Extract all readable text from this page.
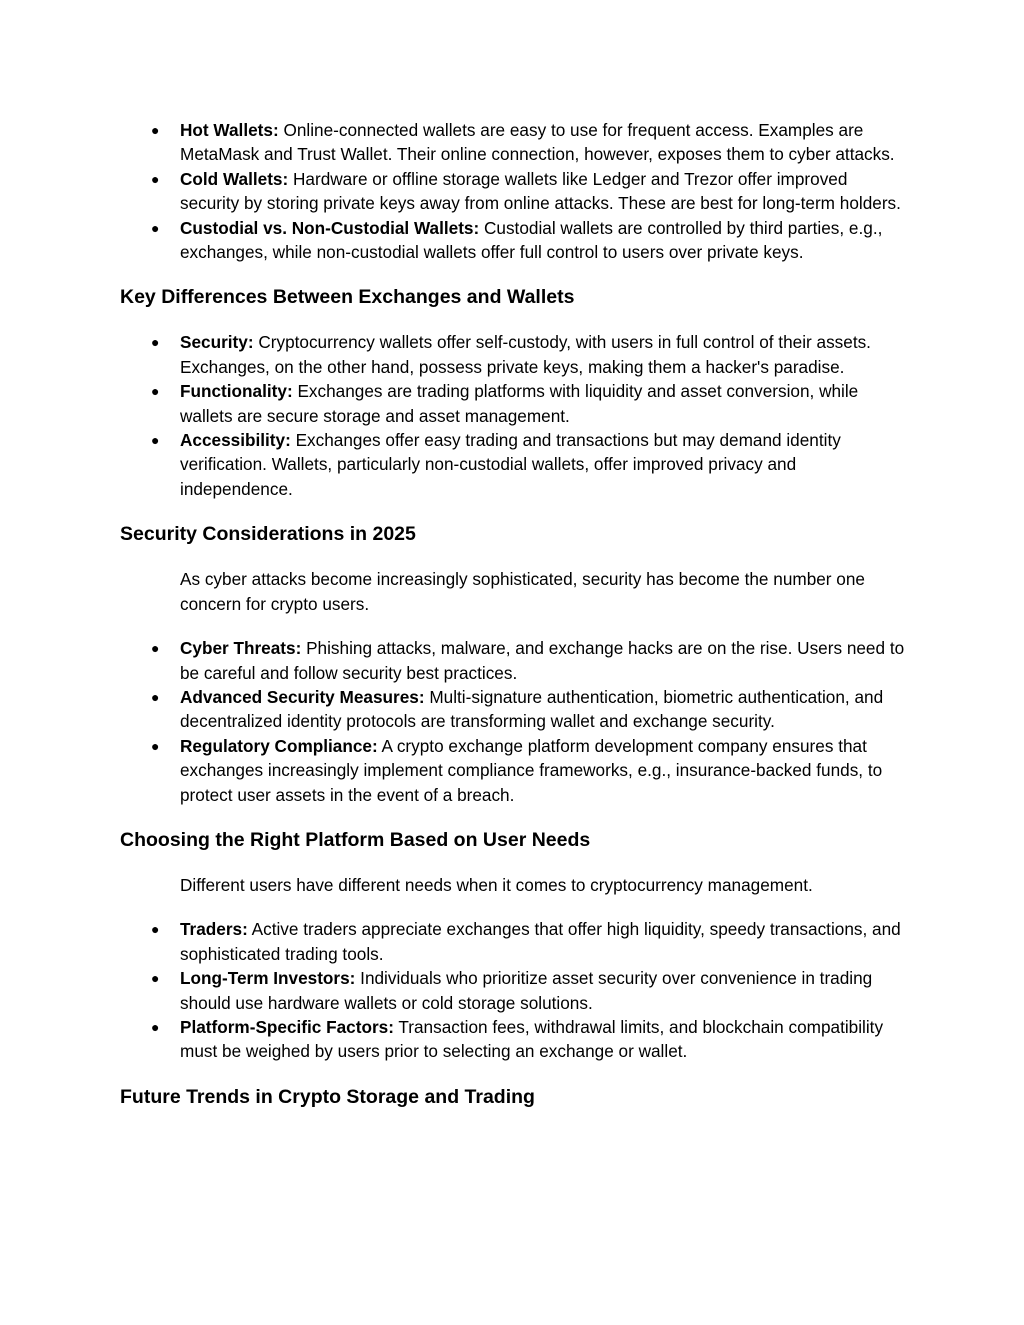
● Hot Wallets: Online-connected wallets are easy to use for frequent access. Examples are MetaMask and Trust Wallet. Their online connection, however, exposes them to cyber attacks.
● Cold Wallets: Hardware or offline storage wallets like Ledger and Trezor offer improved security by storing private keys away from online attacks. These are best for long-term holders.
● Custodial vs. Non-Custodial Wallets: Custodial wallets are controlled by third parties, e.g., exchanges, while non-custodial wallets offer full control to users over private keys.
Key Differences Between Exchanges and Wallets
● Security: Cryptocurrency wallets offer self-custody, with users in full control of their assets. Exchanges, on the other hand, possess private keys, making them a hacker's paradise.
● Functionality: Exchanges are trading platforms with liquidity and asset conversion, while wallets are secure storage and asset management.
● Accessibility: Exchanges offer easy trading and transactions but may demand identity verification. Wallets, particularly non-custodial wallets, offer improved privacy and independence.
Security Considerations in 2025

As cyber attacks become increasingly sophisticated, security has become the number one concern for crypto users.

● Cyber Threats: Phishing attacks, malware, and exchange hacks are on the rise. Users need to be careful and follow security best practices.
● Advanced Security Measures: Multi-signature authentication, biometric authentication, and decentralized identity protocols are transforming wallet and exchange security.
● Regulatory Compliance: A crypto exchange platform development company ensures that exchanges increasingly implement compliance frameworks, e.g., insurance-backed funds, to protect user assets in the event of a breach.
Choosing the Right Platform Based on User Needs

Different users have different needs when it comes to cryptocurrency management.

● Traders: Active traders appreciate exchanges that offer high liquidity, speedy transactions, and sophisticated trading tools.
● Long-Term Investors: Individuals who prioritize asset security over convenience in trading should use hardware wallets or cold storage solutions.
● Platform-Specific Factors: Transaction fees, withdrawal limits, and blockchain compatibility must be weighed by users prior to selecting an exchange or wallet.
Future Trends in Crypto Storage and Trading
